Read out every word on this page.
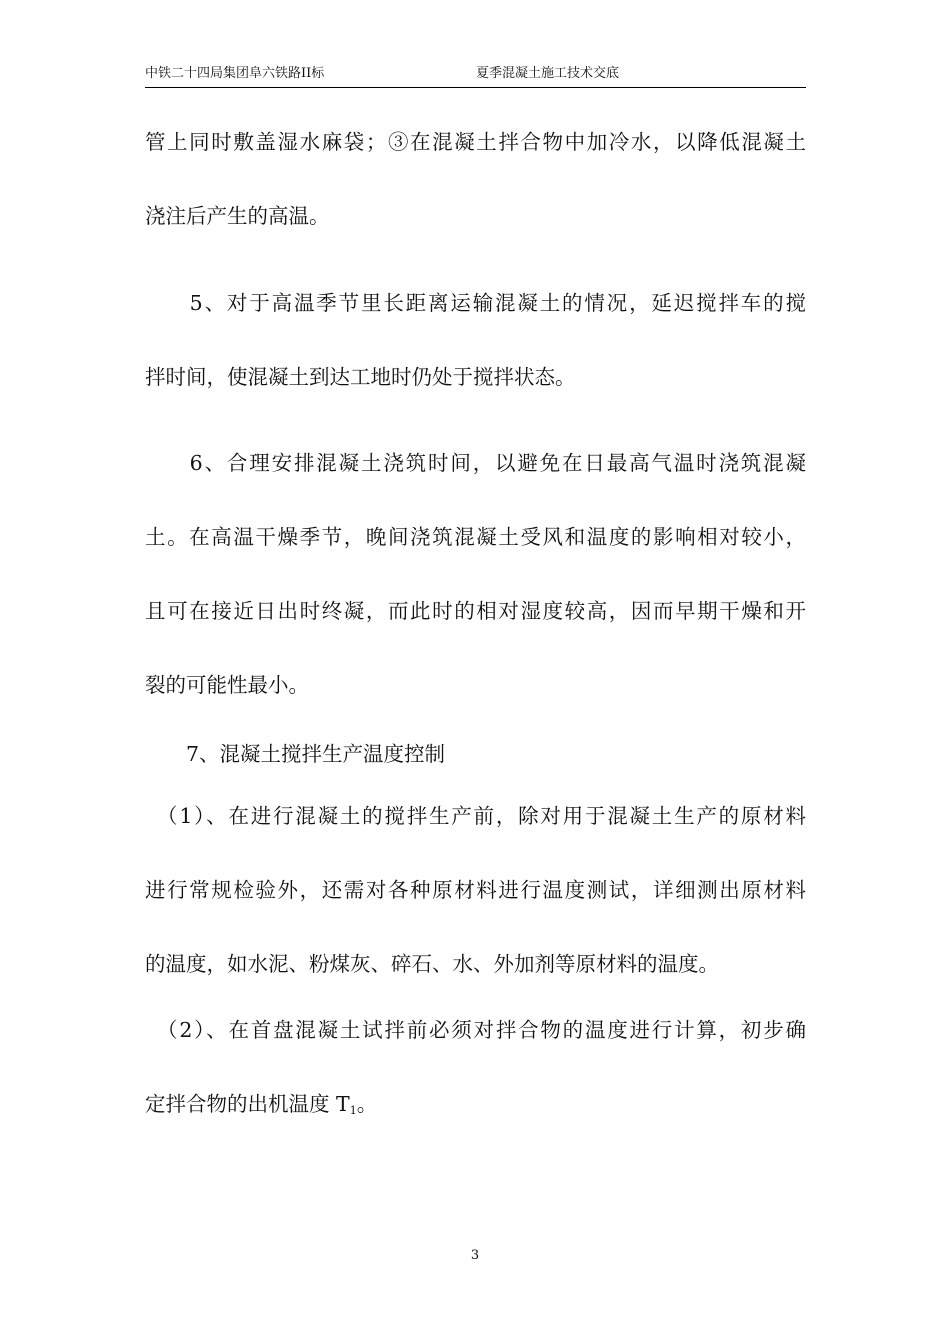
中铁二十四局集团阜六铁路II标	夏季混凝土施工技术交底
管上同时敷盖湿水麻袋；③在混凝土拌合物中加冷水，以降低混凝土
浇注后产生的高温。
　　5、对于高温季节里长距离运输混凝土的情况，延迟搅拌车的搅
拌时间，使混凝土到达工地时仍处于搅拌状态。
　　6、合理安排混凝土浇筑时间，以避免在日最高气温时浇筑混凝
土。在高温干燥季节，晚间浇筑混凝土受风和温度的影响相对较小，
且可在接近日出时终凝，而此时的相对湿度较高，因而早期干燥和开
裂的可能性最小。
　　7、混凝土搅拌生产温度控制
　（1）、在进行混凝土的搅拌生产前，除对用于混凝土生产的原材料
进行常规检验外，还需对各种原材料进行温度测试，详细测出原材料
的温度，如水泥、粉煤灰、碎石、水、外加剂等原材料的温度。
　（2）、在首盘混凝土试拌前必须对拌合物的温度进行计算，初步确
定拌合物的出机温度 $T_1$。
3
